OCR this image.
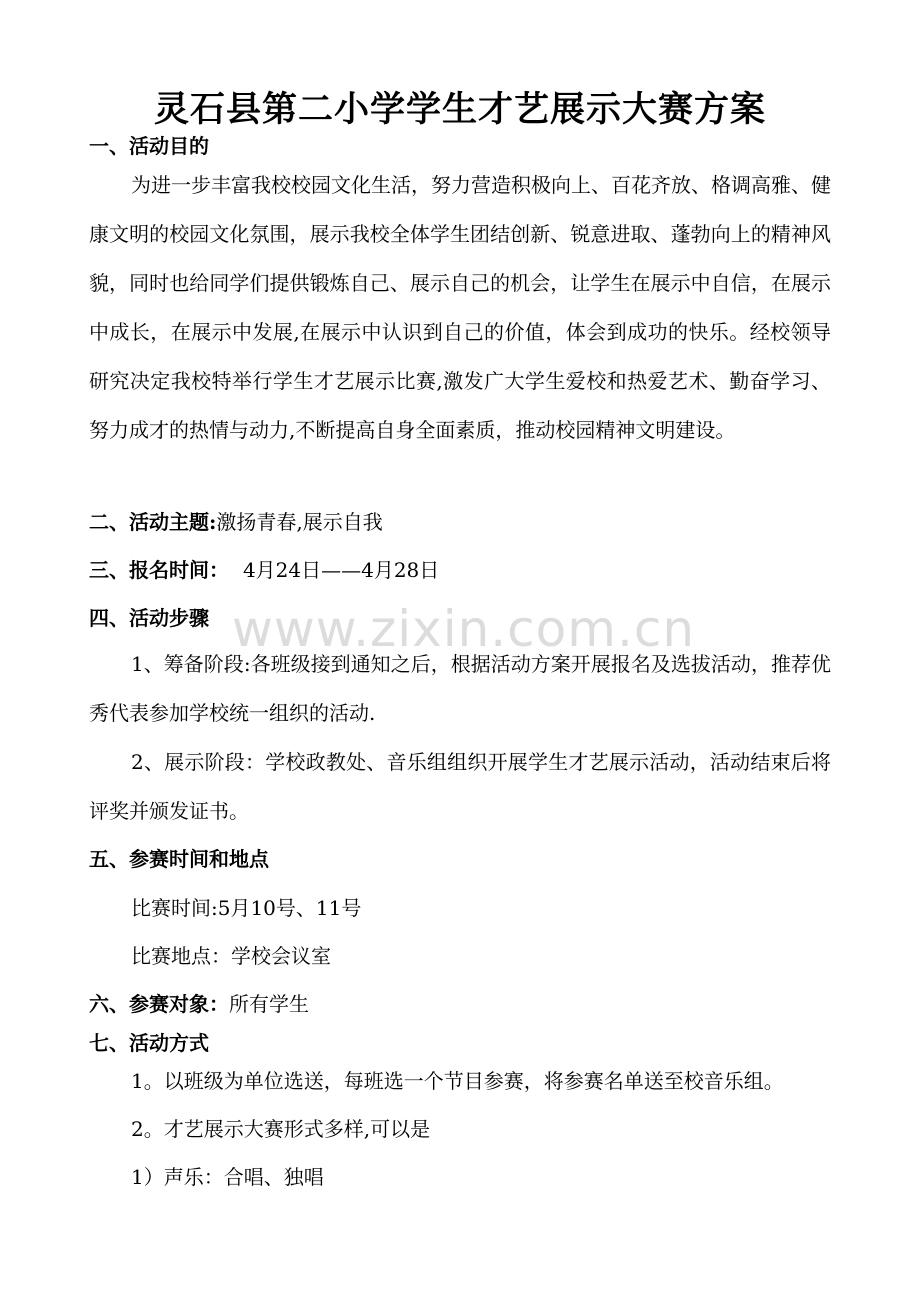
灵石县第二小学学生才艺展示大赛方案
一、活动目的
为进一步丰富我校校园文化生活，努力营造积极向上、百花齐放、格调高雅、健康文明的校园文化氛围，展示我校全体学生团结创新、锐意进取、蓬勃向上的精神风貌，同时也给同学们提供锻炼自己、展示自己的机会，让学生在展示中自信，在展示中成长，在展示中发展,在展示中认识到自己的价值，体会到成功的快乐。经校领导研究决定我校特举行学生才艺展示比赛,激发广大学生爱校和热爱艺术、勤奋学习、努力成才的热情与动力,不断提高自身全面素质，推动校园精神文明建设。
二、活动主题:激扬青春,展示自我
三、报名时间： 4月24日——4月28日
四、活动步骤
1、筹备阶段:各班级接到通知之后，根据活动方案开展报名及选拔活动，推荐优秀代表参加学校统一组织的活动.
2、展示阶段：学校政教处、音乐组组织开展学生才艺展示活动，活动结束后将评奖并颁发证书。
五、参赛时间和地点
比赛时间:5月10号、11号
比赛地点：学校会议室
六、参赛对象：所有学生
七、活动方式
1。以班级为单位选送，每班选一个节目参赛，将参赛名单送至校音乐组。
2。才艺展示大赛形式多样,可以是
1）声乐：合唱、独唱
www.zixin.com.cn
